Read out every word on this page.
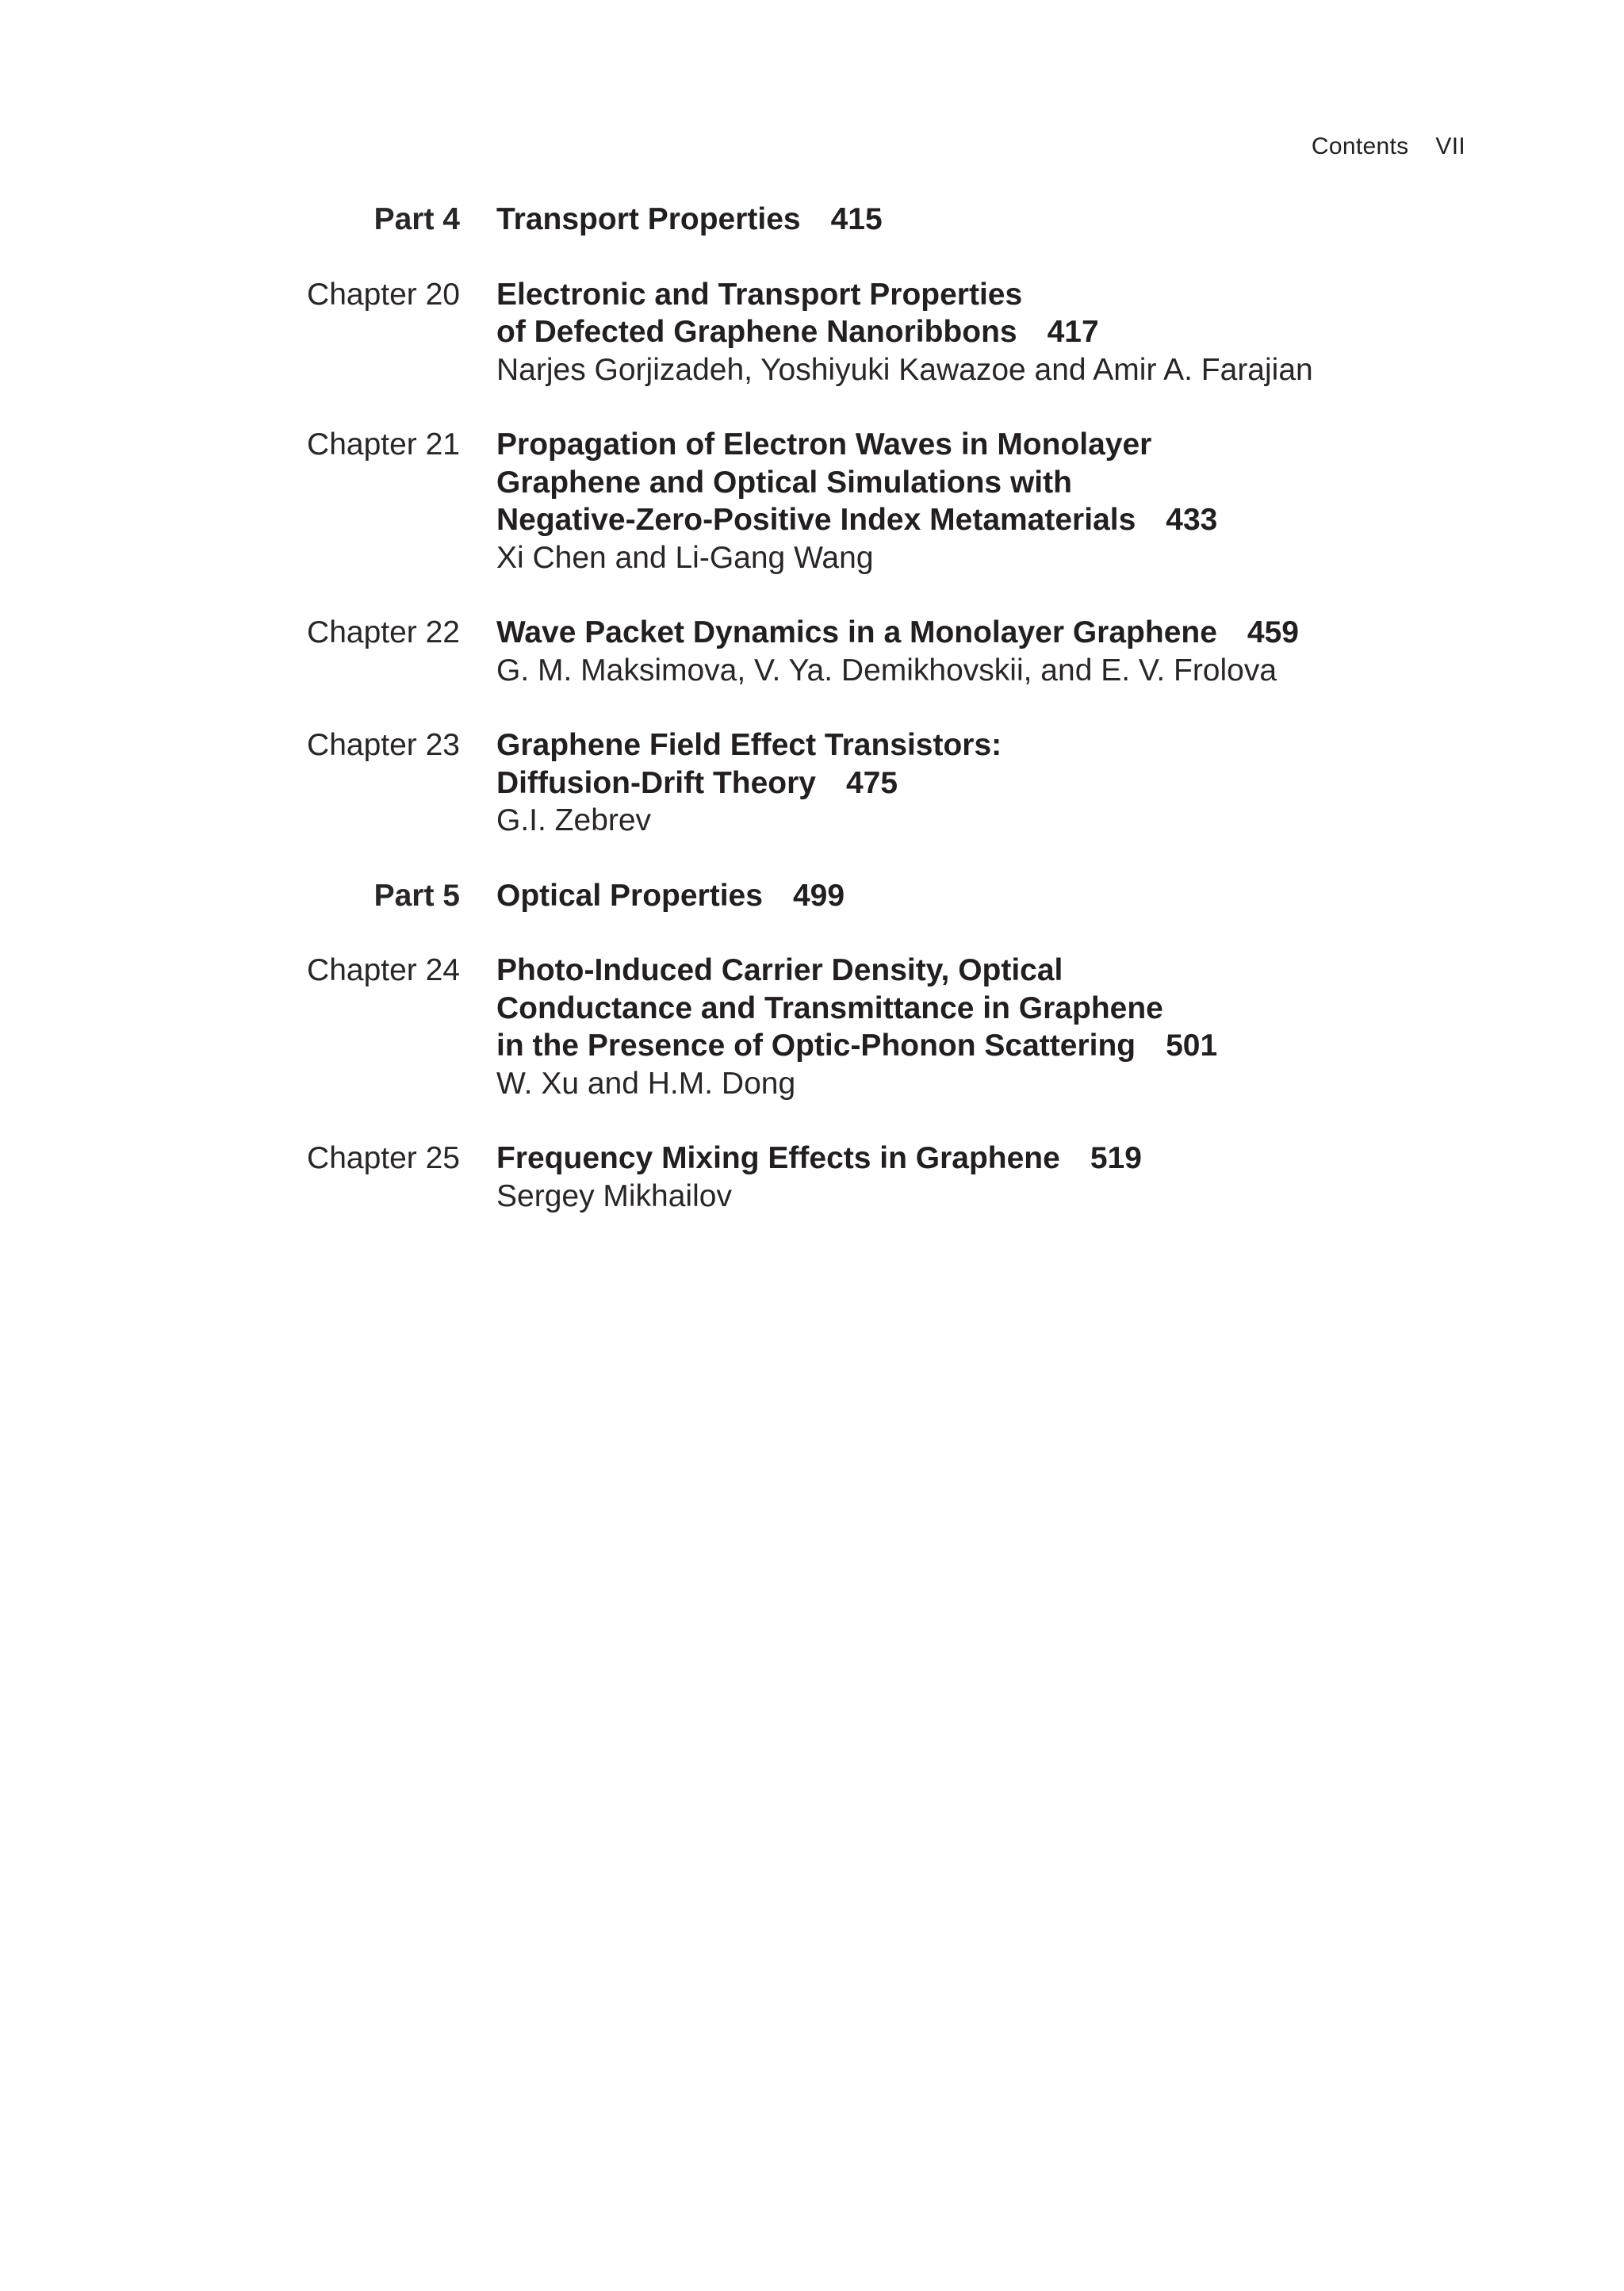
Contents VII
Part 4	Transport Properties 415
Chapter 20	Electronic and Transport Properties
of Defected Graphene Nanoribbons 417
Narjes Gorjizadeh, Yoshiyuki Kawazoe and Amir A. Farajian
Chapter 21	Propagation of Electron Waves in Monolayer
Graphene and Optical Simulations with
Negative-Zero-Positive Index Metamaterials 433
Xi Chen and Li-Gang Wang
Chapter 22	Wave Packet Dynamics in a Monolayer Graphene 459
G. M. Maksimova, V. Ya. Demikhovskii, and E. V. Frolova
Chapter 23	Graphene Field Effect Transistors:
Diffusion-Drift Theory 475
G.I. Zebrev
Part 5	Optical Properties 499
Chapter 24	Photo-Induced Carrier Density, Optical
Conductance and Transmittance in Graphene
in the Presence of Optic-Phonon Scattering 501
W. Xu and H.M. Dong
Chapter 25	Frequency Mixing Effects in Graphene 519
Sergey Mikhailov
